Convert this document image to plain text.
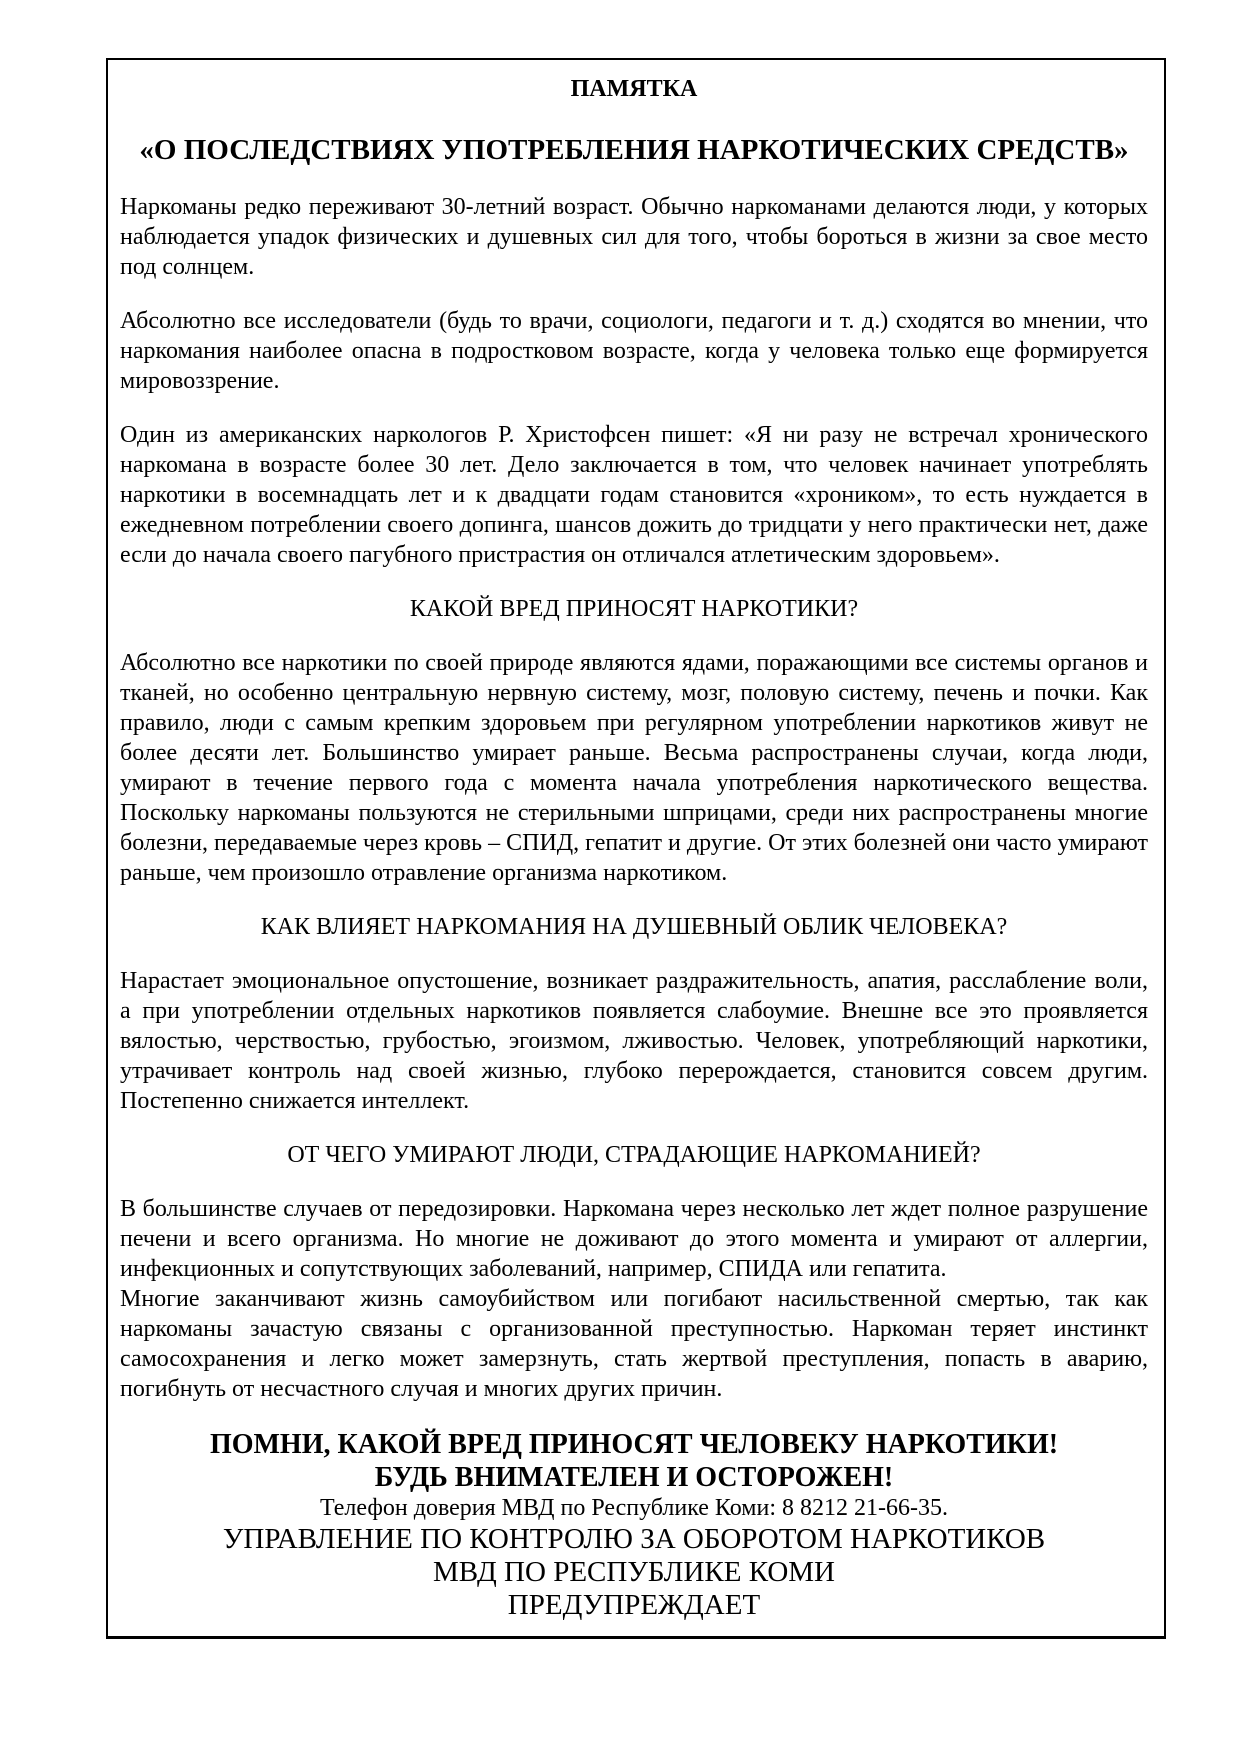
ПАМЯТКА

«О ПОСЛЕДСТВИЯХ УПОТРЕБЛЕНИЯ НАРКОТИЧЕСКИХ СРЕДСТВ»

Наркоманы редко переживают 30-летний возраст. Обычно наркоманами делаются люди, у которых наблюдается упадок физических и душевных сил для того, чтобы бороться в жизни за свое место под солнцем.

Абсолютно все исследователи (будь то врачи, социологи, педагоги и т. д.) сходятся во мнении, что наркомания наиболее опасна в подростковом возрасте, когда у человека только еще формируется мировоззрение.

Один из американских наркологов Р. Христофсен пишет: «Я ни разу не встречал хронического наркомана в возрасте более 30 лет. Дело заключается в том, что человек начинает употреблять наркотики в восемнадцать лет и к двадцати годам становится «хроником», то есть нуждается в ежедневном потреблении своего допинга, шансов дожить до тридцати у него практически нет, даже если до начала своего пагубного пристрастия он отличался атлетическим здоровьем».

КАКОЙ ВРЕД ПРИНОСЯТ НАРКОТИКИ?

Абсолютно все наркотики по своей природе являются ядами, поражающими все системы органов и тканей, но особенно центральную нервную систему, мозг, половую систему, печень и почки. Как правило, люди с самым крепким здоровьем при регулярном употреблении наркотиков живут не более десяти лет. Большинство умирает раньше. Весьма распространены случаи, когда люди, умирают в течение первого года с момента начала употребления наркотического вещества. Поскольку наркоманы пользуются не стерильными шприцами, среди них распространены многие болезни, передаваемые через кровь – СПИД, гепатит и другие. От этих болезней они часто умирают раньше, чем произошло отравление организма наркотиком.

КАК ВЛИЯЕТ НАРКОМАНИЯ НА ДУШЕВНЫЙ ОБЛИК ЧЕЛОВЕКА?

Нарастает эмоциональное опустошение, возникает раздражительность, апатия, расслабление воли, а при употреблении отдельных наркотиков появляется слабоумие. Внешне все это проявляется вялостью, черствостью, грубостью, эгоизмом, лживостью. Человек, употребляющий наркотики, утрачивает контроль над своей жизнью, глубоко перерождается, становится совсем другим. Постепенно снижается интеллект.

ОТ ЧЕГО УМИРАЮТ ЛЮДИ, СТРАДАЮЩИЕ НАРКОМАНИЕЙ?

В большинстве случаев от передозировки. Наркомана через несколько лет ждет полное разрушение печени и всего организма. Но многие не доживают до этого момента и умирают от аллергии, инфекционных и сопутствующих заболеваний, например, СПИДА или гепатита.

Многие заканчивают жизнь самоубийством или погибают насильственной смертью, так как наркоманы зачастую связаны с организованной преступностью. Наркоман теряет инстинкт самосохранения и легко может замерзнуть, стать жертвой преступления, попасть в аварию, погибнуть от несчастного случая и многих других причин.

ПОМНИ, КАКОЙ ВРЕД ПРИНОСЯТ ЧЕЛОВЕКУ НАРКОТИКИ!

БУДЬ ВНИМАТЕЛЕН И ОСТОРОЖЕН!

Телефон доверия МВД по Республике Коми: 8 8212 21-66-35.

УПРАВЛЕНИЕ ПО КОНТРОЛЮ ЗА ОБОРОТОМ НАРКОТИКОВ

МВД ПО РЕСПУБЛИКЕ КОМИ

ПРЕДУПРЕЖДАЕТ
